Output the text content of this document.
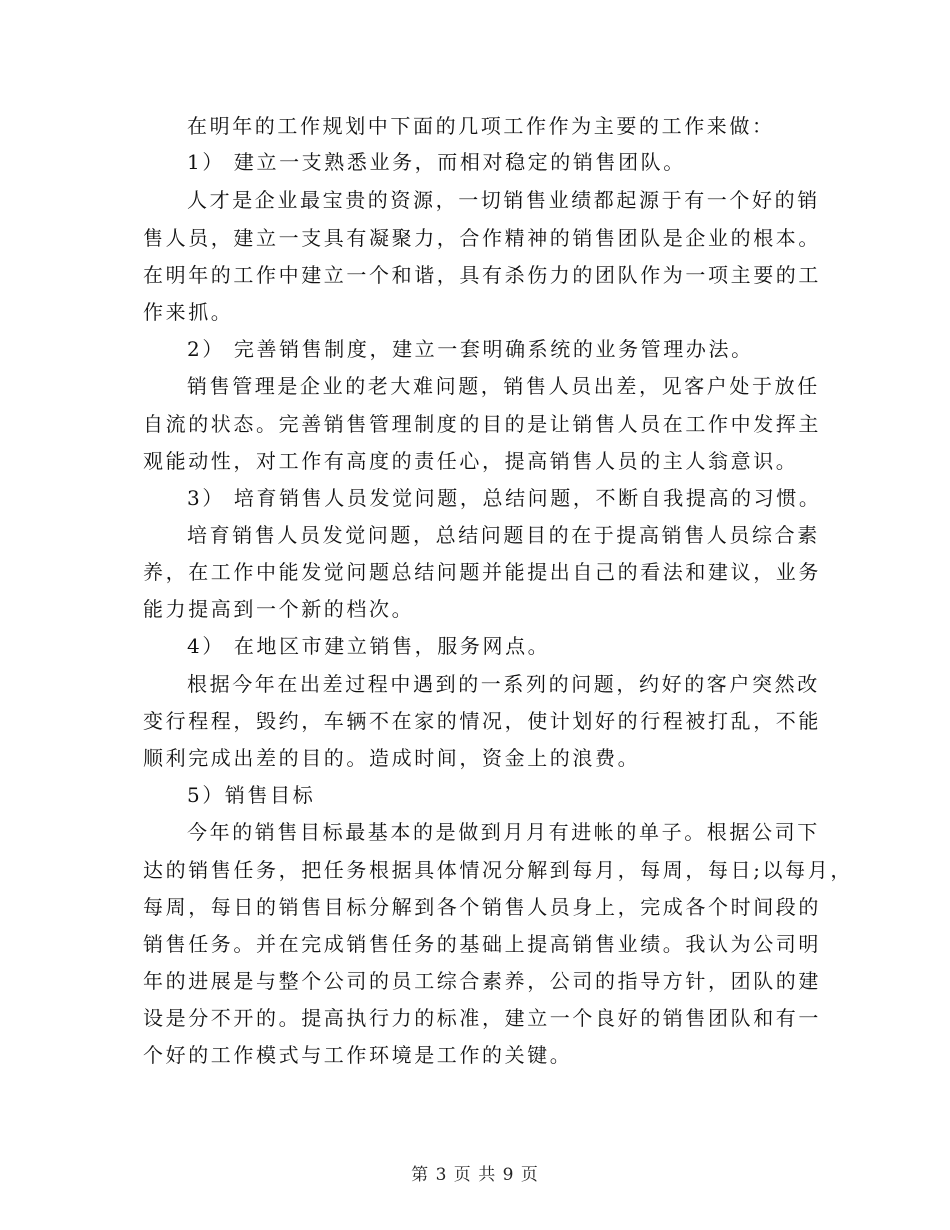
在明年的工作规划中下面的几项工作作为主要的工作来做：
1） 建立一支熟悉业务，而相对稳定的销售团队。
人才是企业最宝贵的资源，一切销售业绩都起源于有一个好的销
售人员，建立一支具有凝聚力，合作精神的销售团队是企业的根本。
在明年的工作中建立一个和谐，具有杀伤力的团队作为一项主要的工
作来抓。
2） 完善销售制度，建立一套明确系统的业务管理办法。
销售管理是企业的老大难问题，销售人员出差，见客户处于放任
自流的状态。完善销售管理制度的目的是让销售人员在工作中发挥主
观能动性，对工作有高度的责任心，提高销售人员的主人翁意识。
3） 培育销售人员发觉问题，总结问题，不断自我提高的习惯。
培育销售人员发觉问题，总结问题目的在于提高销售人员综合素
养，在工作中能发觉问题总结问题并能提出自己的看法和建议，业务
能力提高到一个新的档次。
4） 在地区市建立销售，服务网点。
根据今年在出差过程中遇到的一系列的问题，约好的客户突然改
变行程程，毁约，车辆不在家的情况，使计划好的行程被打乱，不能
顺利完成出差的目的。造成时间，资金上的浪费。
5）销售目标
今年的销售目标最基本的是做到月月有进帐的单子。根据公司下
达的销售任务，把任务根据具体情况分解到每月，每周，每日;以每月，
每周，每日的销售目标分解到各个销售人员身上，完成各个时间段的
销售任务。并在完成销售任务的基础上提高销售业绩。我认为公司明
年的进展是与整个公司的员工综合素养，公司的指导方针，团队的建
设是分不开的。提高执行力的标准，建立一个良好的销售团队和有一
个好的工作模式与工作环境是工作的关键。
第 3 页 共 9 页
